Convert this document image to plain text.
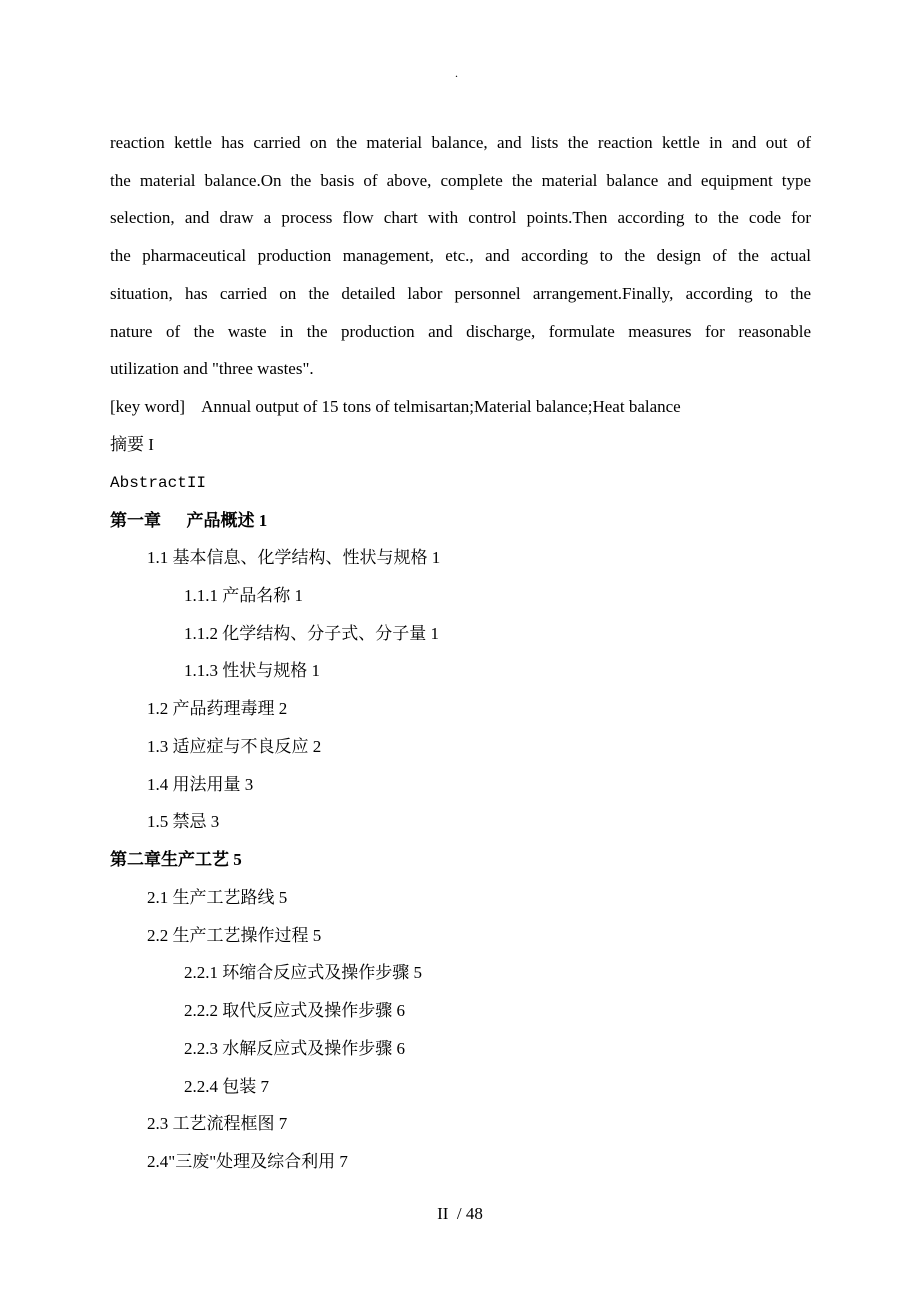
.

reaction kettle has carried on the material balance, and lists the reaction kettle in and out of

the material balance.On the basis of above, complete the material balance and equipment type

selection, and draw a process flow chart with control points.Then according to the code for

the pharmaceutical production management, etc., and according to the design of the actual

situation, has carried on the detailed labor personnel arrangement.Finally, according to the

nature of the waste in the production and discharge, formulate measures for reasonable

utilization and "three wastes".

[key word]    Annual output of 15 tons of telmisartan;Material balance;Heat balance
摘要 I
AbstractII
第一章      产品概述 1
1.1 基本信息、化学结构、性状与规格 1
1.1.1 产品名称 1
1.1.2 化学结构、分子式、分子量 1
1.1.3 性状与规格 1
1.2 产品药理毒理 2
1.3 适应症与不良反应 2
1.4 用法用量 3
1.5 禁忌 3
第二章生产工艺 5
2.1 生产工艺路线 5
2.2 生产工艺操作过程 5
2.2.1 环缩合反应式及操作步骤 5
2.2.2 取代反应式及操作步骤 6
2.2.3 水解反应式及操作步骤 6
2.2.4 包装 7
2.3 工艺流程框图 7
2.4"三废"处理及综合利用 7
II  / 48
